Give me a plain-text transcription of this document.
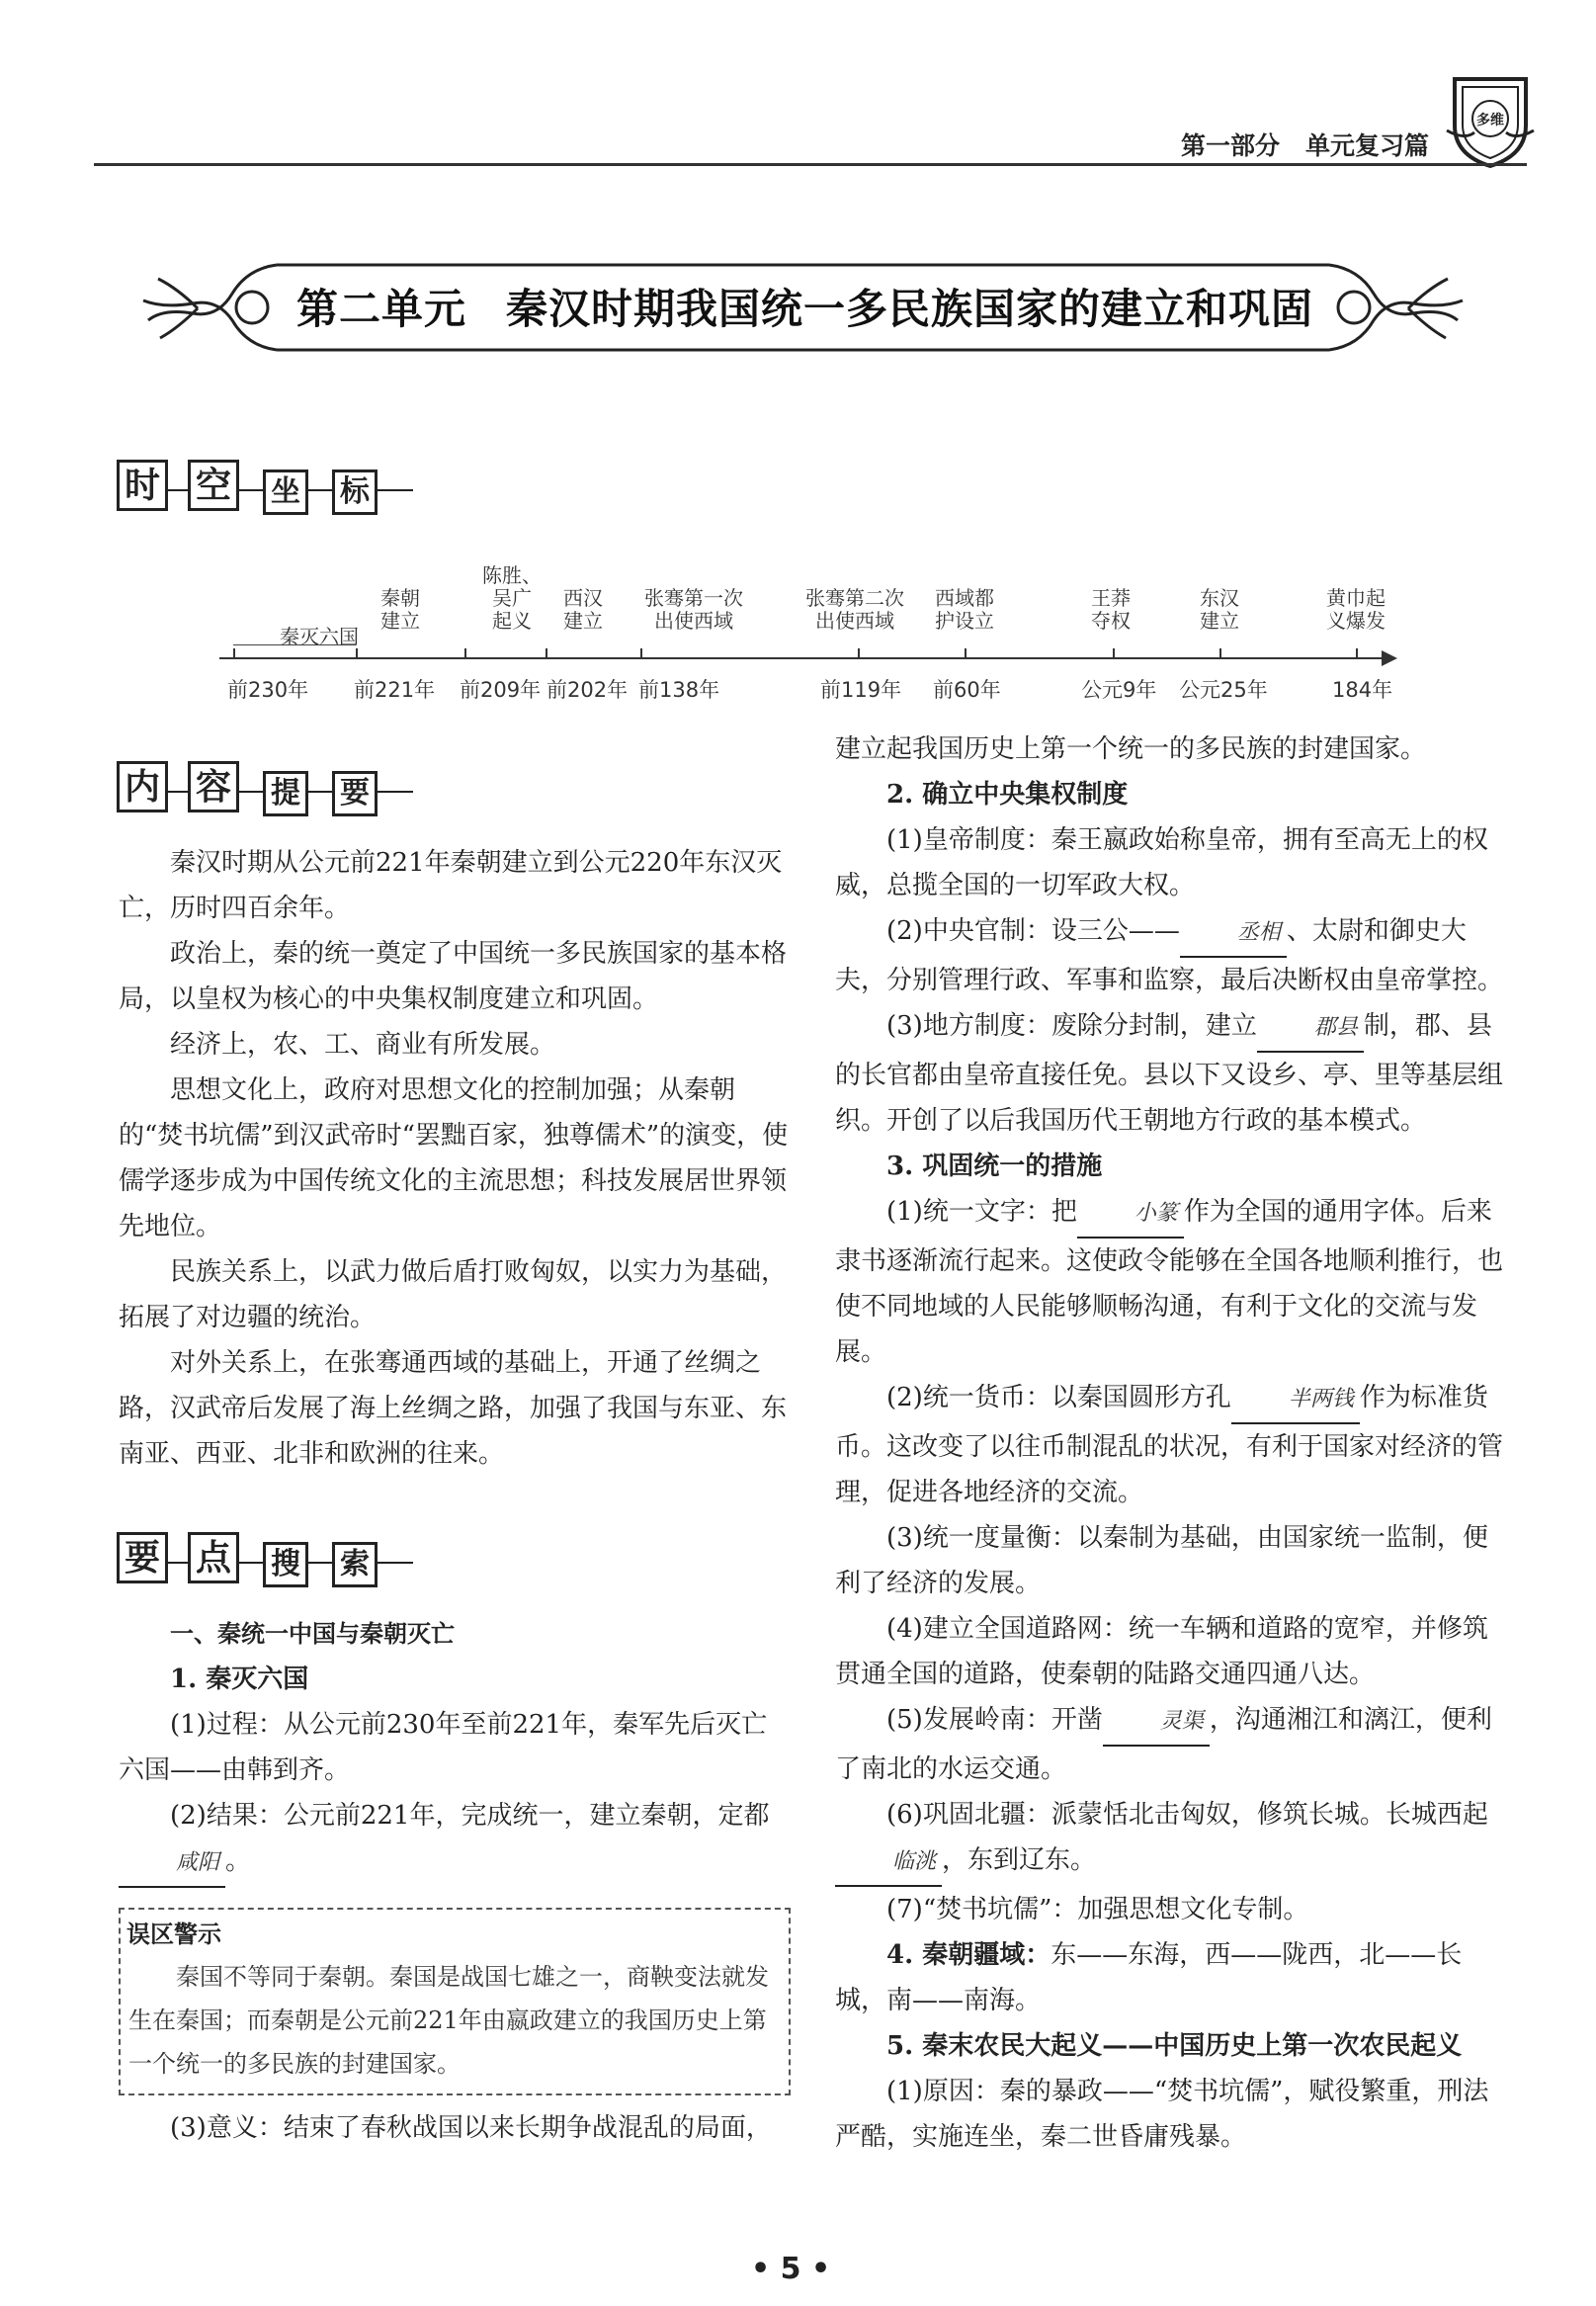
第一部分 单元复习篇
多维
第二单元 秦汉时期我国统一多民族国家的建立和巩固
时 空 坐 标
秦灭六国
秦朝
建立
陈胜、
吴广
起义
西汉
建立
张骞第一次
出使西域
张骞第二次
出使西域
西域都
护设立
王莽
夺权
东汉
建立
黄巾起
义爆发
前230年 前221年 前209年 前202年 前138年	前119年 前60年	公元9年 公元25年	184年
内 容 提 要

秦汉时期从公元前221年秦朝建立到公元220年东汉灭亡，历时四百余年。

政治上，秦的统一奠定了中国统一多民族国家的基本格局，以皇权为核心的中央集权制度建立和巩固。

经济上，农、工、商业有所发展。

思想文化上，政府对思想文化的控制加强；从秦朝的“焚书坑儒”到汉武帝时“罢黜百家，独尊儒术”的演变，使儒学逐步成为中国传统文化的主流思想；科技发展居世界领先地位。

民族关系上，以武力做后盾打败匈奴，以实力为基础，拓展了对边疆的统治。

对外关系上，在张骞通西域的基础上，开通了丝绸之路，汉武帝后发展了海上丝绸之路，加强了我国与东亚、东南亚、西亚、北非和欧洲的往来。

要 点 搜 索

一、秦统一中国与秦朝灭亡

1. 秦灭六国

(1)过程：从公元前230年至前221年，秦军先后灭亡六国——由韩到齐。

(2)结果：公元前221年，完成统一，建立秦朝，定都咸阳 。

误区警示
秦国不等同于秦朝。秦国是战国七雄之一，商鞅变法就发生在秦国；而秦朝是公元前221年由嬴政建立的我国历史上第一个统一的多民族的封建国家。

(3)意义：结束了春秋战国以来长期争战混乱的局面，

建立起我国历史上第一个统一的多民族的封建国家。

2. 确立中央集权制度

(1)皇帝制度：秦王嬴政始称皇帝，拥有至高无上的权威，总揽全国的一切军政大权。

(2)中央官制：设三公——	丞相 、太尉和御史大夫，分别管理行政、军事和监察，最后决断权由皇帝掌控。

(3)地方制度：废除分封制，建立	郡县 制，郡、县的长官都由皇帝直接任免。县以下又设乡、亭、里等基层组织。开创了以后我国历代王朝地方行政的基本模式。

3. 巩固统一的措施

(1)统一文字：把	小篆 作为全国的通用字体。后来隶书逐渐流行起来。这使政令能够在全国各地顺利推行，也使不同地域的人民能够顺畅沟通，有利于文化的交流与发展。

(2)统一货币：以秦国圆形方孔	半两钱 作为标准货币。这改变了以往币制混乱的状况，有利于国家对经济的管理，促进各地经济的交流。

(3)统一度量衡：以秦制为基础，由国家统一监制，便利了经济的发展。

(4)建立全国道路网：统一车辆和道路的宽窄，并修筑贯通全国的道路，使秦朝的陆路交通四通八达。

(5)发展岭南：开凿	灵渠 ，沟通湘江和漓江，便利了南北的水运交通。

(6)巩固北疆：派蒙恬北击匈奴，修筑长城。长城西起临洮 ，东到辽东。

(7)“焚书坑儒”：加强思想文化专制。

4. 秦朝疆域：东——东海，西——陇西，北——长城，南——南海。

5. 秦末农民大起义——中国历史上第一次农民起义

(1)原因：秦的暴政——“焚书坑儒”，赋役繁重，刑法严酷，实施连坐，秦二世昏庸残暴。

• 5 •
